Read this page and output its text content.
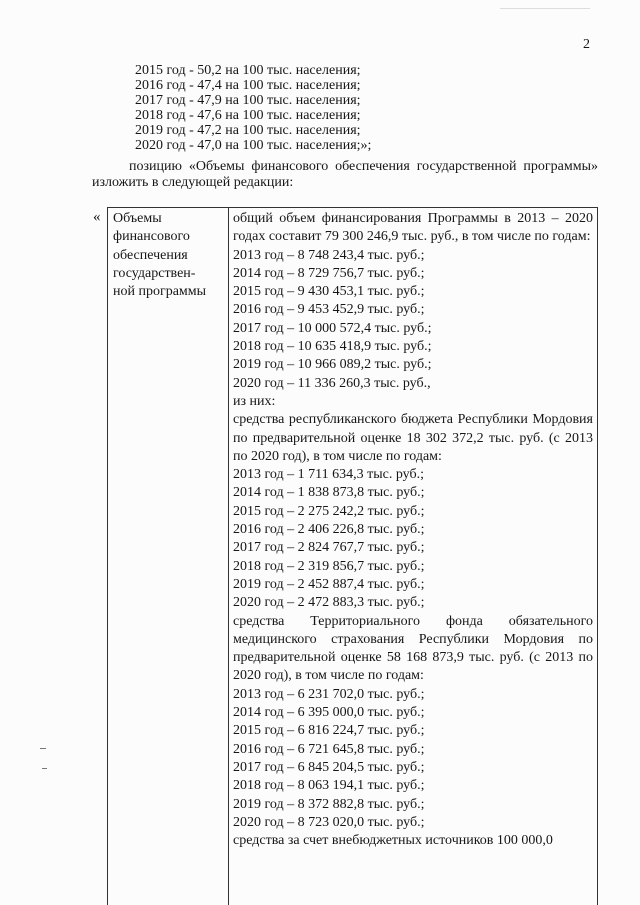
2
2015 год - 50,2 на 100 тыс. населения;
2016 год - 47,4 на 100 тыс. населения;
2017 год - 47,9 на 100 тыс. населения;
2018 год - 47,6 на 100 тыс. населения;
2019 год - 47,2 на 100 тыс. населения;
2020 год - 47,0 на 100 тыс. населения;»;
позицию «Объемы финансового обеспечения государственной программы» изложить в следующей редакции:
« Объемы
финансового
обеспечения
государствен-
ной программы
общий объем финансирования Программы в 2013 – 2020 годах составит 79 300 246,9 тыс. руб., в том числе по годам:
2013 год – 8 748 243,4 тыс. руб.;
2014 год – 8 729 756,7 тыс. руб.;
2015 год – 9 430 453,1 тыс. руб.;
2016 год – 9 453 452,9 тыс. руб.;
2017 год – 10 000 572,4 тыс. руб.;
2018 год – 10 635 418,9 тыс. руб.;
2019 год – 10 966 089,2 тыс. руб.;
2020 год – 11 336 260,3 тыс. руб.,
из них:
средства республиканского бюджета Республики Мордовия по предварительной оценке 18 302 372,2 тыс. руб. (с 2013 по 2020 год), в том числе по годам:
2013 год – 1 711 634,3 тыс. руб.;
2014 год – 1 838 873,8 тыс. руб.;
2015 год – 2 275 242,2 тыс. руб.;
2016 год – 2 406 226,8 тыс. руб.;
2017 год – 2 824 767,7 тыс. руб.;
2018 год – 2 319 856,7 тыс. руб.;
2019 год – 2 452 887,4 тыс. руб.;
2020 год – 2 472 883,3 тыс. руб.;
средства Территориального фонда обязательного медицинского страхования Республики Мордовия по предварительной оценке 58 168 873,9 тыс. руб. (с 2013 по 2020 год), в том числе по годам:
2013 год – 6 231 702,0 тыс. руб.;
2014 год – 6 395 000,0 тыс. руб.;
2015 год – 6 816 224,7 тыс. руб.;
2016 год – 6 721 645,8 тыс. руб.;
2017 год – 6 845 204,5 тыс. руб.;
2018 год – 8 063 194,1 тыс. руб.;
2019 год – 8 372 882,8 тыс. руб.;
2020 год – 8 723 020,0 тыс. руб.;
средства за счет внебюджетных источников 100 000,0
